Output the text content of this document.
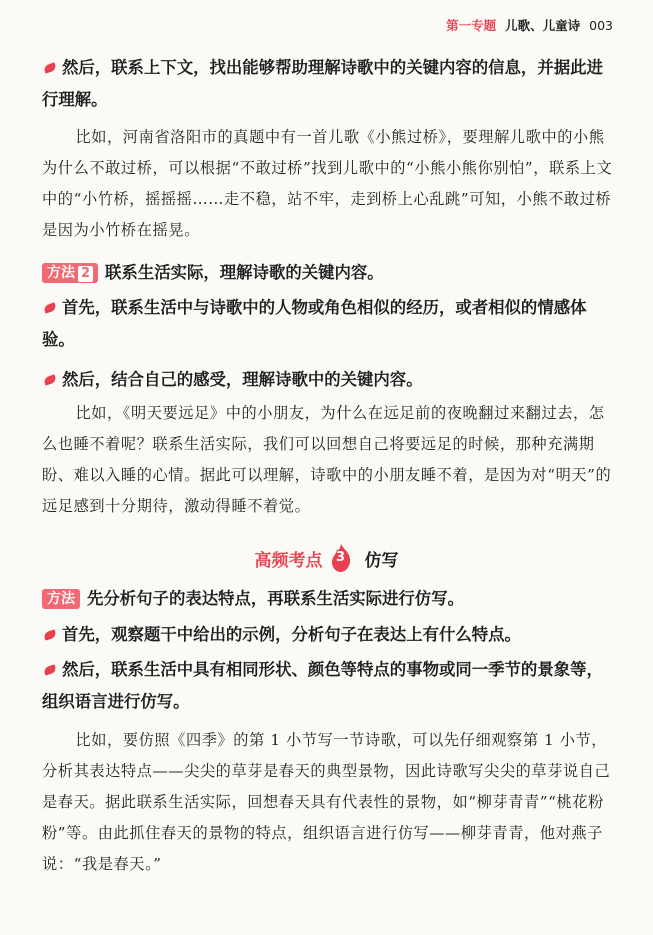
第一专题 儿歌、儿童诗 003
然后，联系上下文，找出能够帮助理解诗歌中的关键内容的信息，并据此进行理解。
比如，河南省洛阳市的真题中有一首儿歌《小熊过桥》，要理解儿歌中的小熊为什么不敢过桥，可以根据“不敢过桥”找到儿歌中的“小熊小熊你别怕”，联系上文中的“小竹桥，摇摇摇……走不稳，站不牢，走到桥上心乱跳”可知，小熊不敢过桥是因为小竹桥在摇晃。
方法 2 联系生活实际，理解诗歌的关键内容。
首先，联系生活中与诗歌中的人物或角色相似的经历，或者相似的情感体验。
然后，结合自己的感受，理解诗歌中的关键内容。
比如，《明天要远足》中的小朋友，为什么在远足前的夜晚翻过来翻过去，怎么也睡不着呢？联系生活实际，我们可以回想自己将要远足的时候，那种充满期盼、难以入睡的心情。据此可以理解，诗歌中的小朋友睡不着，是因为对“明天”的远足感到十分期待，激动得睡不着觉。
高频考点	3	仿写
方法 先分析句子的表达特点，再联系生活实际进行仿写。
首先，观察题干中给出的示例，分析句子在表达上有什么特点。
然后，联系生活中具有相同形状、颜色等特点的事物或同一季节的景象等，组织语言进行仿写。
比如，要仿照《四季》的第 1 小节写一节诗歌，可以先仔细观察第 1 小节，分析其表达特点——尖尖的草芽是春天的典型景物，因此诗歌写尖尖的草芽说自己是春天。据此联系生活实际，回想春天具有代表性的景物，如“柳芽青青”“桃花粉粉”等。由此抓住春天的景物的特点，组织语言进行仿写——柳芽青青，他对燕子说：“我是春天。”
